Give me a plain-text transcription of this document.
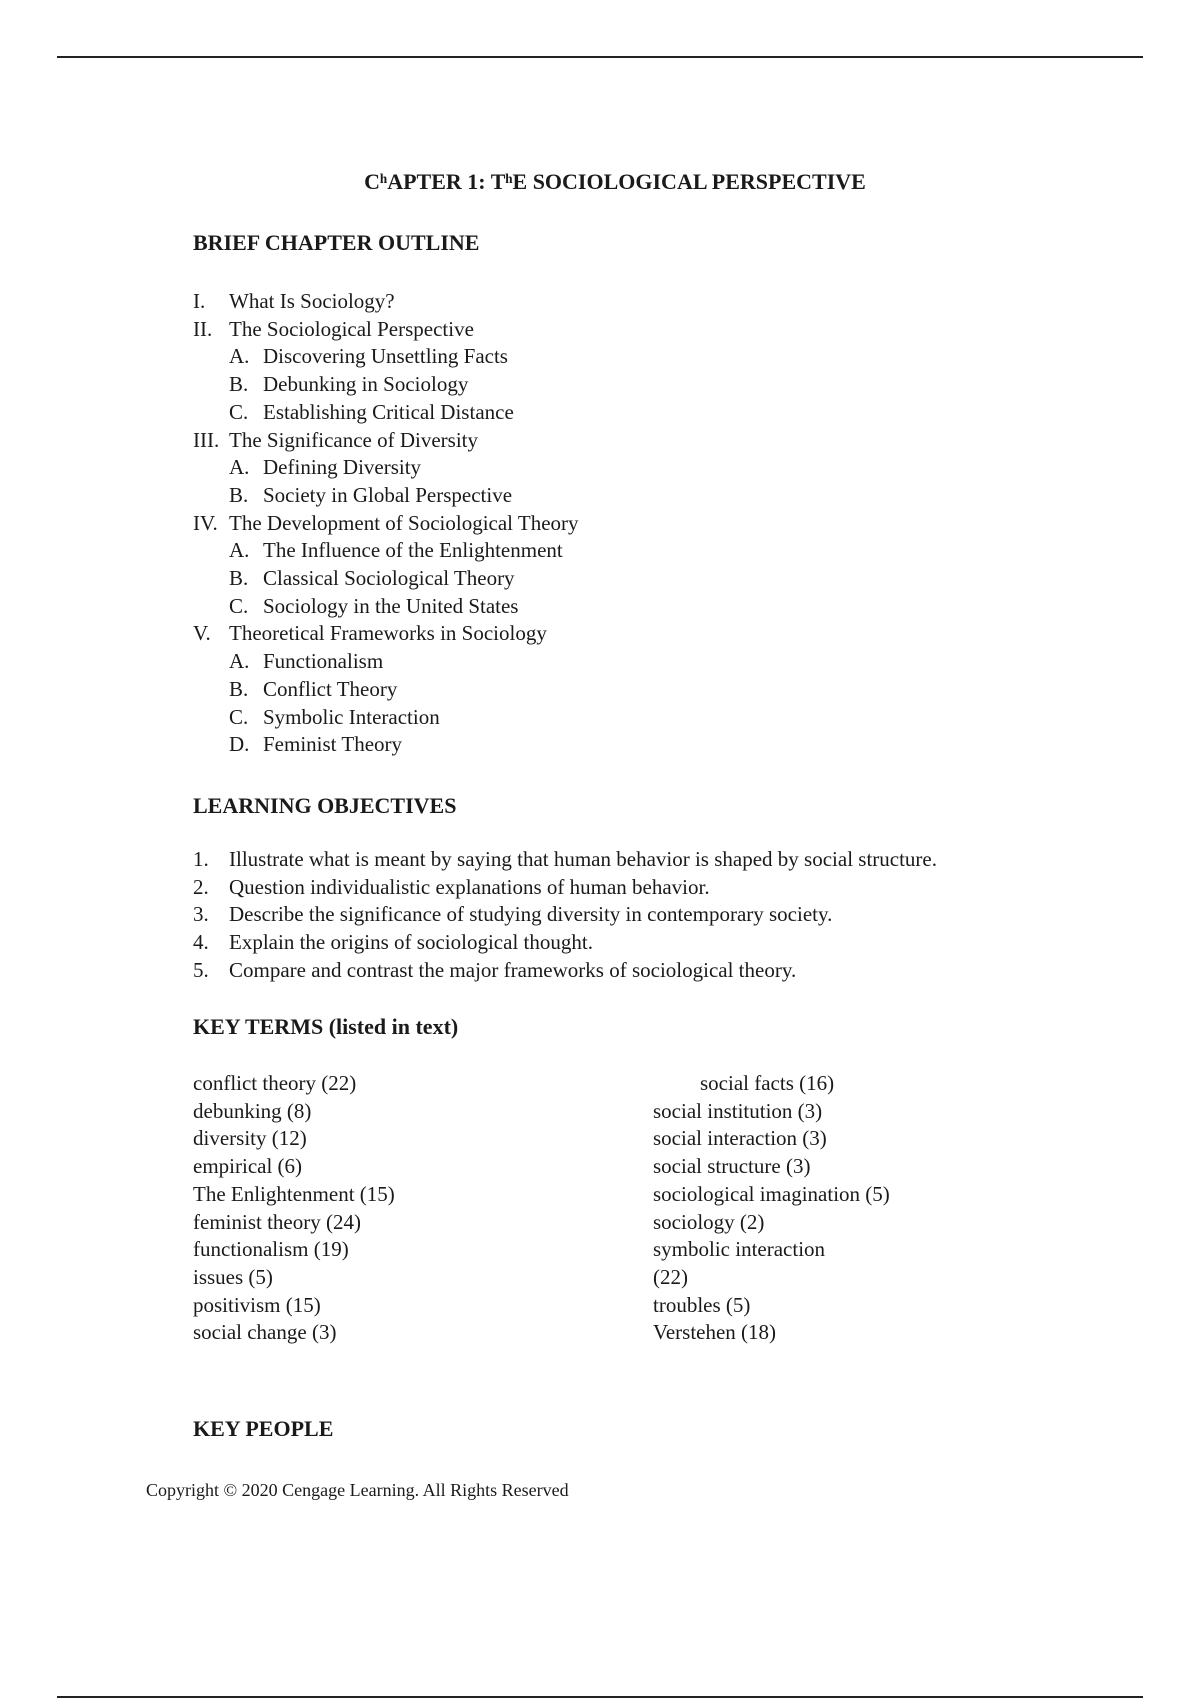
CʰAPTER 1: TʰE SOCIOLOGICAL PERSPECTIVE
BRIEF CHAPTER OUTLINE
I.	What Is Sociology?
II. The Sociological Perspective
A. Discovering Unsettling Facts
B. Debunking in Sociology
C. Establishing Critical Distance
III. The Significance of Diversity
A. Defining Diversity
B. Society in Global Perspective
IV. The Development of Sociological Theory
A. The Influence of the Enlightenment
B. Classical Sociological Theory
C. Sociology in the United States
V. Theoretical Frameworks in Sociology
A. Functionalism
B. Conflict Theory
C. Symbolic Interaction
D. Feminist Theory
LEARNING OBJECTIVES
1. Illustrate what is meant by saying that human behavior is shaped by social structure.
2. Question individualistic explanations of human behavior.
3. Describe the significance of studying diversity in contemporary society.
4. Explain the origins of sociological thought.
5. Compare and contrast the major frameworks of sociological theory.
KEY TERMS (listed in text)
conflict theory (22)
debunking (8)
diversity (12)
empirical (6)
The Enlightenment (15)
feminist theory (24)
functionalism (19)
issues (5)
positivism (15)
social change (3)
social facts (16)
social institution (3)
social interaction (3)
social structure (3)
sociological imagination (5)
sociology (2)
symbolic interaction
(22)
troubles (5)
Verstehen (18)
KEY PEOPLE
Copyright © 2020 Cengage Learning. All Rights Reserved
